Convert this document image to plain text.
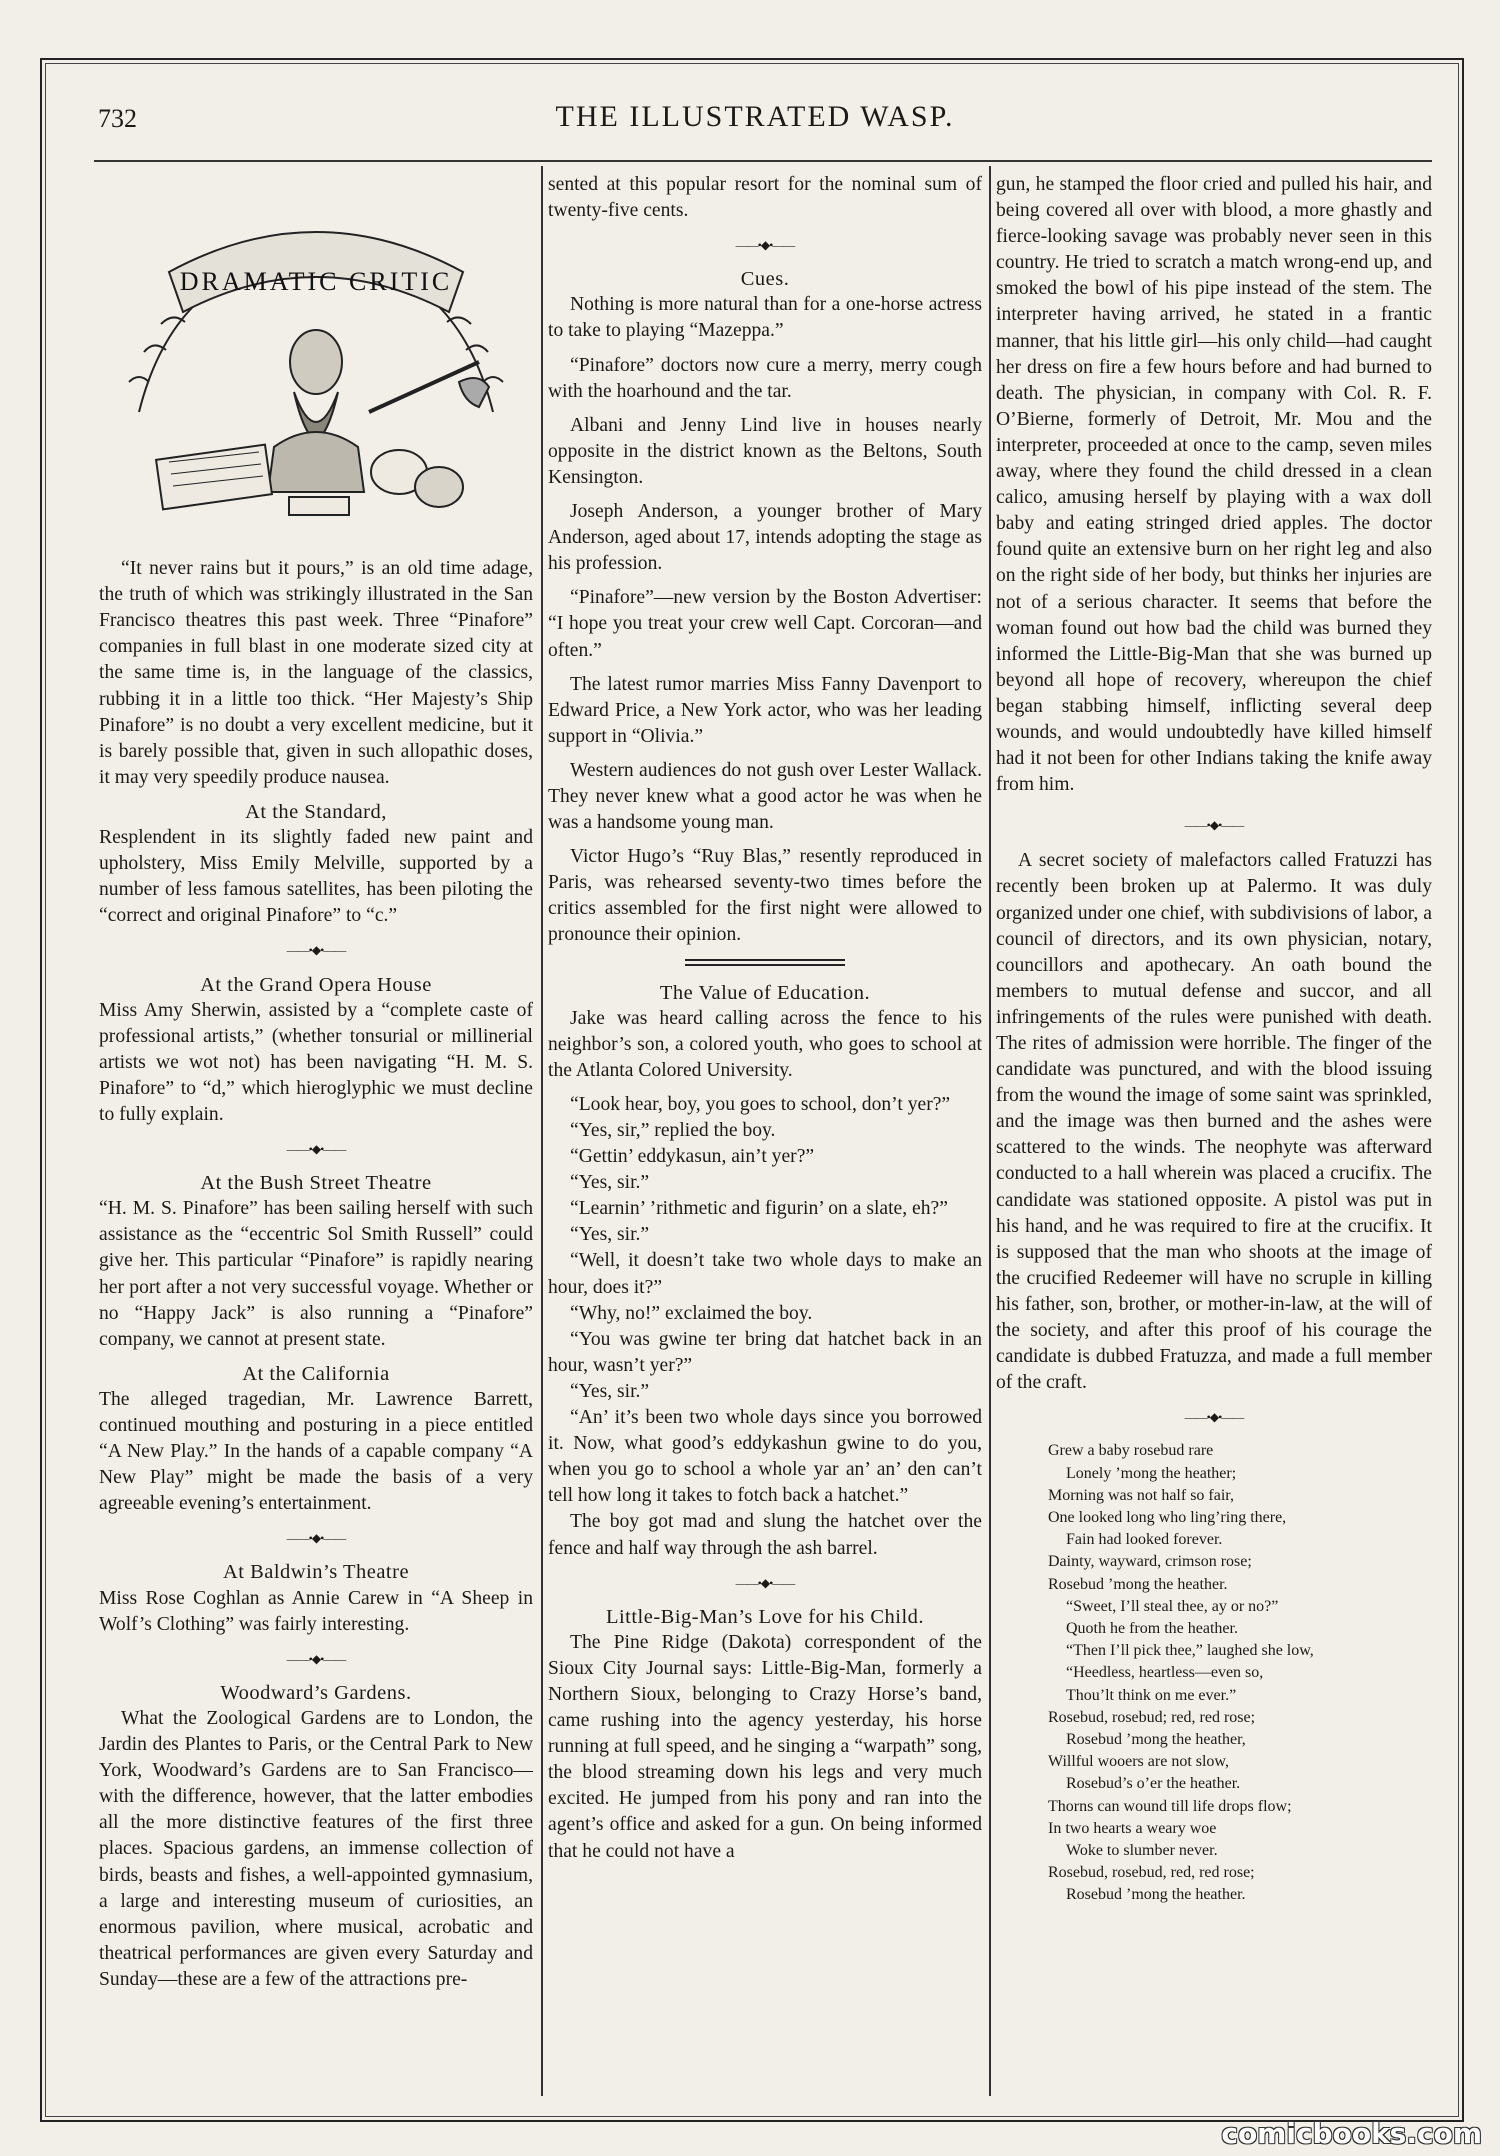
732	THE ILLUSTRATED WASP.
DRAMATIC CRITIC

“It never rains but it pours,” is an old time adage, the truth of which was strikingly illustrated in the San Francisco theatres this past week. Three “Pinafore” companies in full blast in one moderate sized city at the same time is, in the language of the classics, rubbing it in a little too thick. “Her Majesty’s Ship Pinafore” is no doubt a very excellent medicine, but it is barely possible that, given in such allopathic doses, it may very speedily produce nausea.

At the Standard,

Resplendent in its slightly faded new paint and upholstery, Miss Emily Melville, supported by a number of less famous satellites, has been piloting the “correct and original Pinafore” to “c.”

——•◆•——
At the Grand Opera House

Miss Amy Sherwin, assisted by a “complete caste of professional artists,” (whether tonsurial or millinerial artists we wot not) has been navigating “H. M. S. Pinafore” to “d,” which hieroglyphic we must decline to fully explain.

——•◆•——
At the Bush Street Theatre

“H. M. S. Pinafore” has been sailing herself with such assistance as the “eccentric Sol Smith Russell” could give her. This particular “Pinafore” is rapidly nearing her port after a not very successful voyage. Whether or no “Happy Jack” is also running a “Pinafore” company, we cannot at present state.

At the California

The alleged tragedian, Mr. Lawrence Barrett, continued mouthing and posturing in a piece entitled “A New Play.” In the hands of a capable company “A New Play” might be made the basis of a very agreeable evening’s entertainment.

——•◆•——
At Baldwin’s Theatre

Miss Rose Coghlan as Annie Carew in “A Sheep in Wolf’s Clothing” was fairly interesting.

——•◆•——
Woodward’s Gardens.

What the Zoological Gardens are to London, the Jardin des Plantes to Paris, or the Central Park to New York, Woodward’s Gardens are to San Francisco—with the difference, however, that the latter embodies all the more distinctive features of the first three places. Spacious gardens, an immense collection of birds, beasts and fishes, a well-appointed gymnasium, a large and interesting museum of curiosities, an enormous pavilion, where musical, acrobatic and theatrical performances are given every Saturday and Sunday—these are a few of the attractions pre-

sented at this popular resort for the nominal sum of twenty-five cents.

——•◆•——
Cues.

Nothing is more natural than for a one-horse actress to take to playing “Mazeppa.”

“Pinafore” doctors now cure a merry, merry cough with the hoarhound and the tar.

Albani and Jenny Lind live in houses nearly opposite in the district known as the Beltons, South Kensington.

Joseph Anderson, a younger brother of Mary Anderson, aged about 17, intends adopting the stage as his profession.

“Pinafore”—new version by the Boston Advertiser: “I hope you treat your crew well Capt. Corcoran—and often.”

The latest rumor marries Miss Fanny Davenport to Edward Price, a New York actor, who was her leading support in “Olivia.”

Western audiences do not gush over Lester Wallack. They never knew what a good actor he was when he was a handsome young man.

Victor Hugo’s “Ruy Blas,” resently reproduced in Paris, was rehearsed seventy-two times before the critics assembled for the first night were allowed to pronounce their opinion.

The Value of Education.

Jake was heard calling across the fence to his neighbor’s son, a colored youth, who goes to school at the Atlanta Colored University.

“Look hear, boy, you goes to school, don’t yer?”

“Yes, sir,” replied the boy.

“Gettin’ eddykasun, ain’t yer?”

“Yes, sir.”

“Learnin’ ’rithmetic and figurin’ on a slate, eh?”

“Yes, sir.”

“Well, it doesn’t take two whole days to make an hour, does it?”

“Why, no!” exclaimed the boy.

“You was gwine ter bring dat hatchet back in an hour, wasn’t yer?”

“Yes, sir.”

“An’ it’s been two whole days since you borrowed it. Now, what good’s eddykashun gwine to do you, when you go to school a whole yar an’ an’ den can’t tell how long it takes to fotch back a hatchet.”

The boy got mad and slung the hatchet over the fence and half way through the ash barrel.

——•◆•——
Little-Big-Man’s Love for his Child.

The Pine Ridge (Dakota) correspondent of the Sioux City Journal says: Little-Big-Man, formerly a Northern Sioux, belonging to Crazy Horse’s band, came rushing into the agency yesterday, his horse running at full speed, and he singing a “warpath” song, the blood streaming down his legs and very much excited. He jumped from his pony and ran into the agent’s office and asked for a gun. On being informed that he could not have a

gun, he stamped the floor cried and pulled his hair, and being covered all over with blood, a more ghastly and fierce-looking savage was probably never seen in this country. He tried to scratch a match wrong-end up, and smoked the bowl of his pipe instead of the stem. The interpreter having arrived, he stated in a frantic manner, that his little girl—his only child—had caught her dress on fire a few hours before and had burned to death. The physician, in company with Col. R. F. O’Bierne, formerly of Detroit, Mr. Mou and the interpreter, proceeded at once to the camp, seven miles away, where they found the child dressed in a clean calico, amusing herself by playing with a wax doll baby and eating stringed dried apples. The doctor found quite an extensive burn on her right leg and also on the right side of her body, but thinks her injuries are not of a serious character. It seems that before the woman found out how bad the child was burned they informed the Little-Big-Man that she was burned up beyond all hope of recovery, whereupon the chief began stabbing himself, inflicting several deep wounds, and would undoubtedly have killed himself had it not been for other Indians taking the knife away from him.

——•◆•——

A secret society of malefactors called Fratuzzi has recently been broken up at Palermo. It was duly organized under one chief, with subdivisions of labor, a council of directors, and its own physician, notary, councillors and apothecary. An oath bound the members to mutual defense and succor, and all infringements of the rules were punished with death. The rites of admission were horrible. The finger of the candidate was punctured, and with the blood issuing from the wound the image of some saint was sprinkled, and the image was then burned and the ashes were scattered to the winds. The neophyte was afterward conducted to a hall wherein was placed a crucifix. The candidate was stationed opposite. A pistol was put in his hand, and he was required to fire at the crucifix. It is supposed that the man who shoots at the image of the crucified Redeemer will have no scruple in killing his father, son, brother, or mother-in-law, at the will of the society, and after this proof of his courage the candidate is dubbed Fratuzza, and made a full member of the craft.

——•◆•——
Grew a baby rosebud rare
Lonely ’mong the heather;
Morning was not half so fair,
One looked long who ling’ring there,
Fain had looked forever.
Dainty, wayward, crimson rose;
Rosebud ’mong the heather.
“Sweet, I’ll steal thee, ay or no?”
Quoth he from the heather.
“Then I’ll pick thee,” laughed she low,
“Heedless, heartless—even so,
Thou’lt think on me ever.”
Rosebud, rosebud; red, red rose;
Rosebud ’mong the heather,
Willful wooers are not slow,
Rosebud’s o’er the heather.
Thorns can wound till life drops flow;
In two hearts a weary woe
Woke to slumber never.
Rosebud, rosebud, red, red rose;
Rosebud ’mong the heather.
comicbooks.com
